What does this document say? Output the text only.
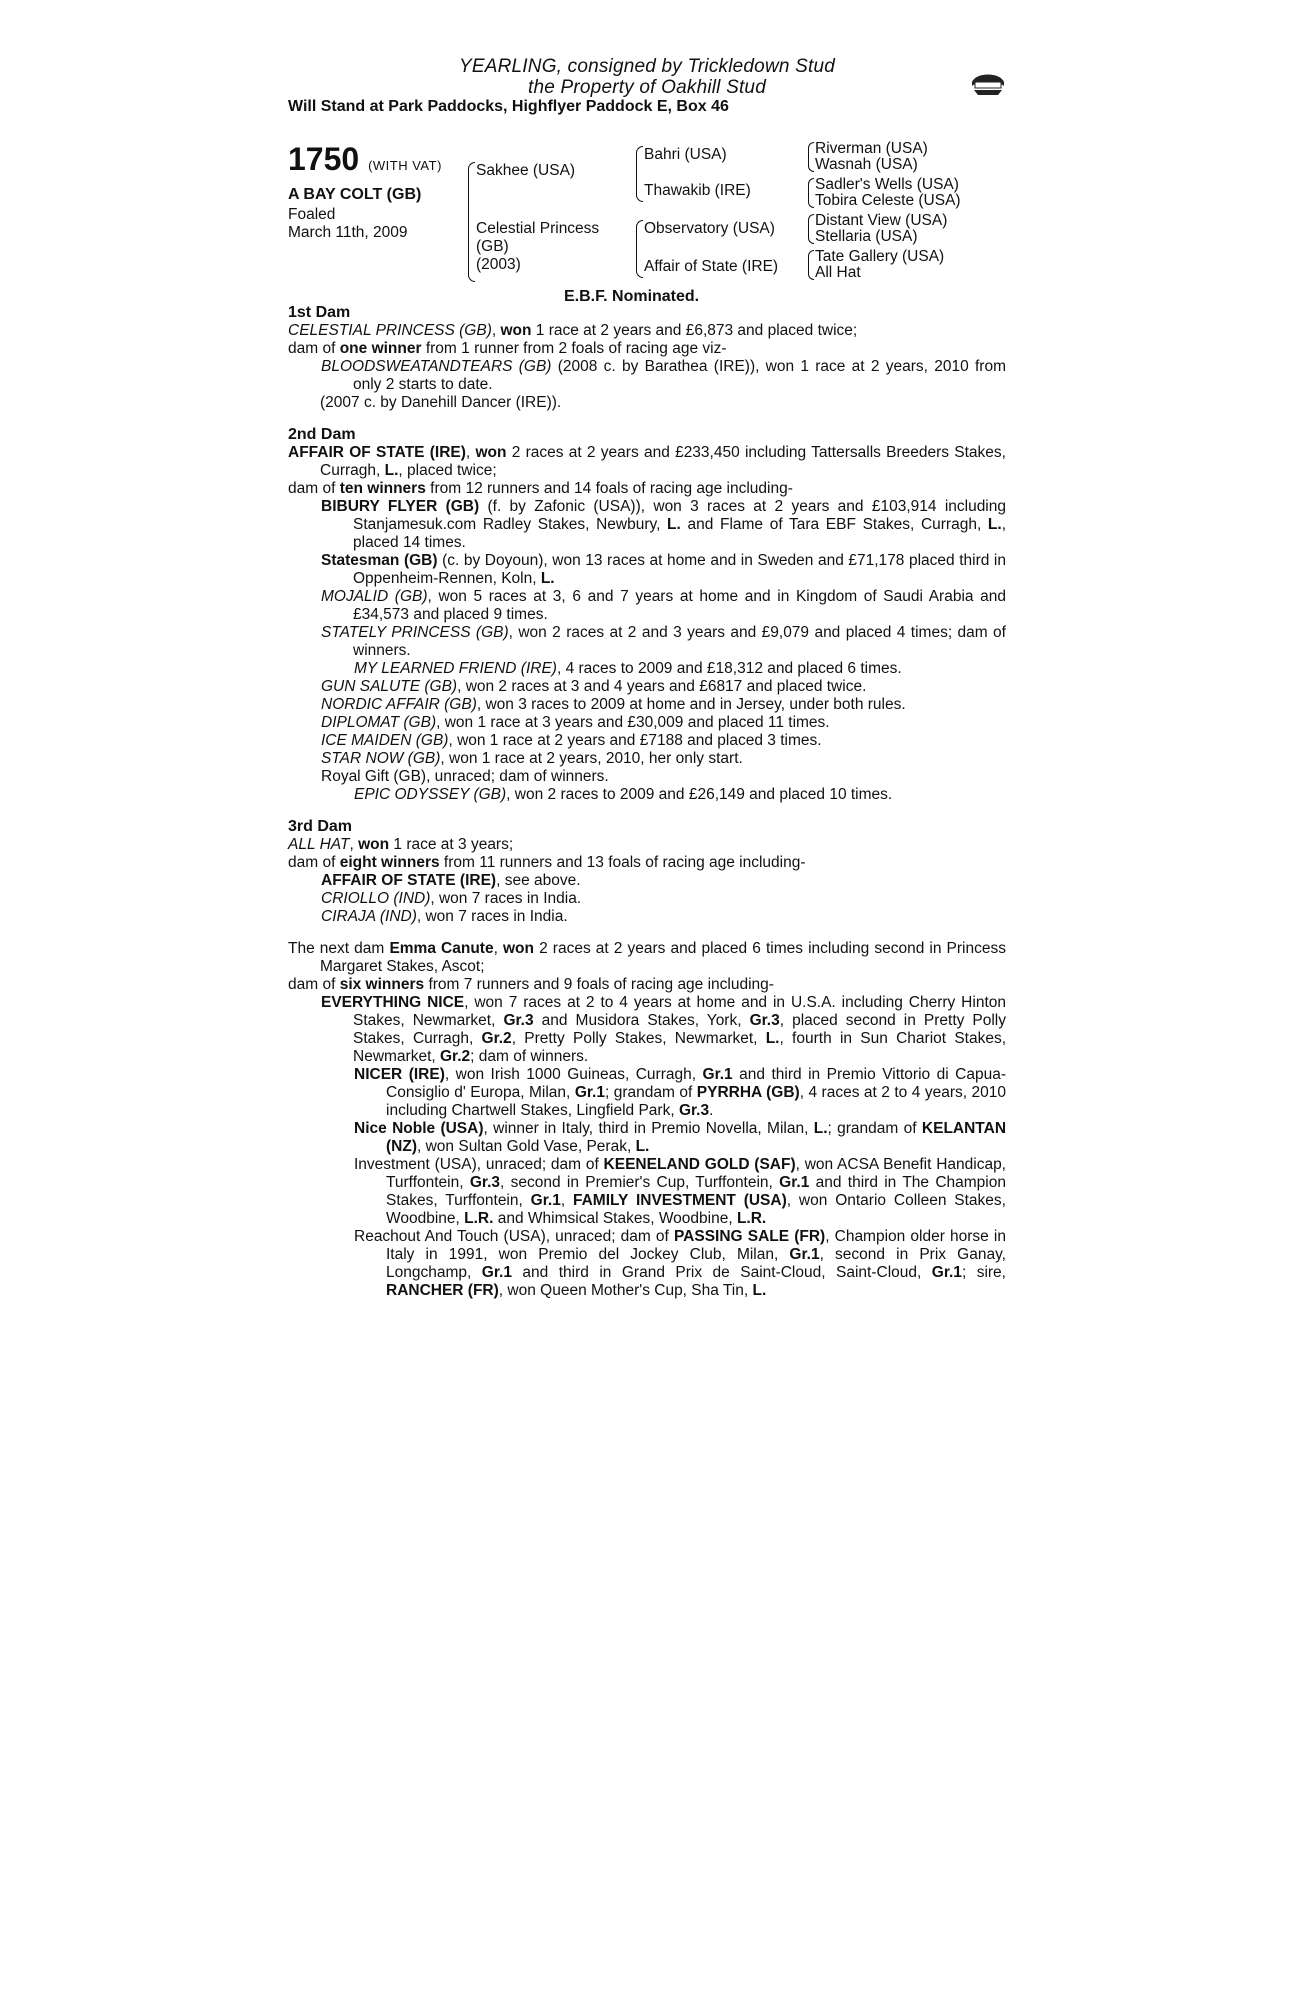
YEARLING, consigned by Trickledown Stud
the Property of Oakhill Stud
Will Stand at Park Paddocks, Highflyer Paddock E, Box 46
1750 (WITH VAT)
A BAY COLT (GB)
Foaled
March 11th, 2009
Sakhee (USA)
Celestial Princess
(GB)
(2003)
Bahri (USA)
Thawakib (IRE)
Observatory (USA)
Affair of State (IRE)
Riverman (USA)
Wasnah (USA)
Sadler's Wells (USA)
Tobira Celeste (USA)
Distant View (USA)
Stellaria (USA)
Tate Gallery (USA)
All Hat
E.B.F. Nominated.
1st Dam

CELESTIAL PRINCESS (GB), won 1 race at 2 years and £6,873 and placed twice;

dam of one winner from 1 runner from 2 foals of racing age viz-

BLOODSWEATANDTEARS (GB) (2008 c. by Barathea (IRE)), won 1 race at 2 years, 2010 from only 2 starts to date.

(2007 c. by Danehill Dancer (IRE)).

2nd Dam

AFFAIR OF STATE (IRE), won 2 races at 2 years and £233,450 including Tattersalls Breeders Stakes, Curragh, L., placed twice;

dam of ten winners from 12 runners and 14 foals of racing age including-

BIBURY FLYER (GB) (f. by Zafonic (USA)), won 3 races at 2 years and £103,914 including Stanjamesuk.com Radley Stakes, Newbury, L. and Flame of Tara EBF Stakes, Curragh, L., placed 14 times.

Statesman (GB) (c. by Doyoun), won 13 races at home and in Sweden and £71,178 placed third in Oppenheim-Rennen, Koln, L.

MOJALID (GB), won 5 races at 3, 6 and 7 years at home and in Kingdom of Saudi Arabia and £34,573 and placed 9 times.

STATELY PRINCESS (GB), won 2 races at 2 and 3 years and £9,079 and placed 4 times; dam of winners.

MY LEARNED FRIEND (IRE), 4 races to 2009 and £18,312 and placed 6 times.

GUN SALUTE (GB), won 2 races at 3 and 4 years and £6817 and placed twice.

NORDIC AFFAIR (GB), won 3 races to 2009 at home and in Jersey, under both rules.

DIPLOMAT (GB), won 1 race at 3 years and £30,009 and placed 11 times.

ICE MAIDEN (GB), won 1 race at 2 years and £7188 and placed 3 times.

STAR NOW (GB), won 1 race at 2 years, 2010, her only start.

Royal Gift (GB), unraced; dam of winners.

EPIC ODYSSEY (GB), won 2 races to 2009 and £26,149 and placed 10 times.

3rd Dam

ALL HAT, won 1 race at 3 years;

dam of eight winners from 11 runners and 13 foals of racing age including-

AFFAIR OF STATE (IRE), see above.

CRIOLLO (IND), won 7 races in India.

CIRAJA (IND), won 7 races in India.

The next dam Emma Canute, won 2 races at 2 years and placed 6 times including second in Princess Margaret Stakes, Ascot;

dam of six winners from 7 runners and 9 foals of racing age including-

EVERYTHING NICE, won 7 races at 2 to 4 years at home and in U.S.A. including Cherry Hinton Stakes, Newmarket, Gr.3 and Musidora Stakes, York, Gr.3, placed second in Pretty Polly Stakes, Curragh, Gr.2, Pretty Polly Stakes, Newmarket, L., fourth in Sun Chariot Stakes, Newmarket, Gr.2; dam of winners.

NICER (IRE), won Irish 1000 Guineas, Curragh, Gr.1 and third in Premio Vittorio di Capua-Consiglio d' Europa, Milan, Gr.1; grandam of PYRRHA (GB), 4 races at 2 to 4 years, 2010 including Chartwell Stakes, Lingfield Park, Gr.3.

Nice Noble (USA), winner in Italy, third in Premio Novella, Milan, L.; grandam of KELANTAN (NZ), won Sultan Gold Vase, Perak, L.

Investment (USA), unraced; dam of KEENELAND GOLD (SAF), won ACSA Benefit Handicap, Turffontein, Gr.3, second in Premier's Cup, Turffontein, Gr.1 and third in The Champion Stakes, Turffontein, Gr.1, FAMILY INVESTMENT (USA), won Ontario Colleen Stakes, Woodbine, L.R. and Whimsical Stakes, Woodbine, L.R.

Reachout And Touch (USA), unraced; dam of PASSING SALE (FR), Champion older horse in Italy in 1991, won Premio del Jockey Club, Milan, Gr.1, second in Prix Ganay, Longchamp, Gr.1 and third in Grand Prix de Saint-Cloud, Saint-Cloud, Gr.1; sire, RANCHER (FR), won Queen Mother's Cup, Sha Tin, L.
